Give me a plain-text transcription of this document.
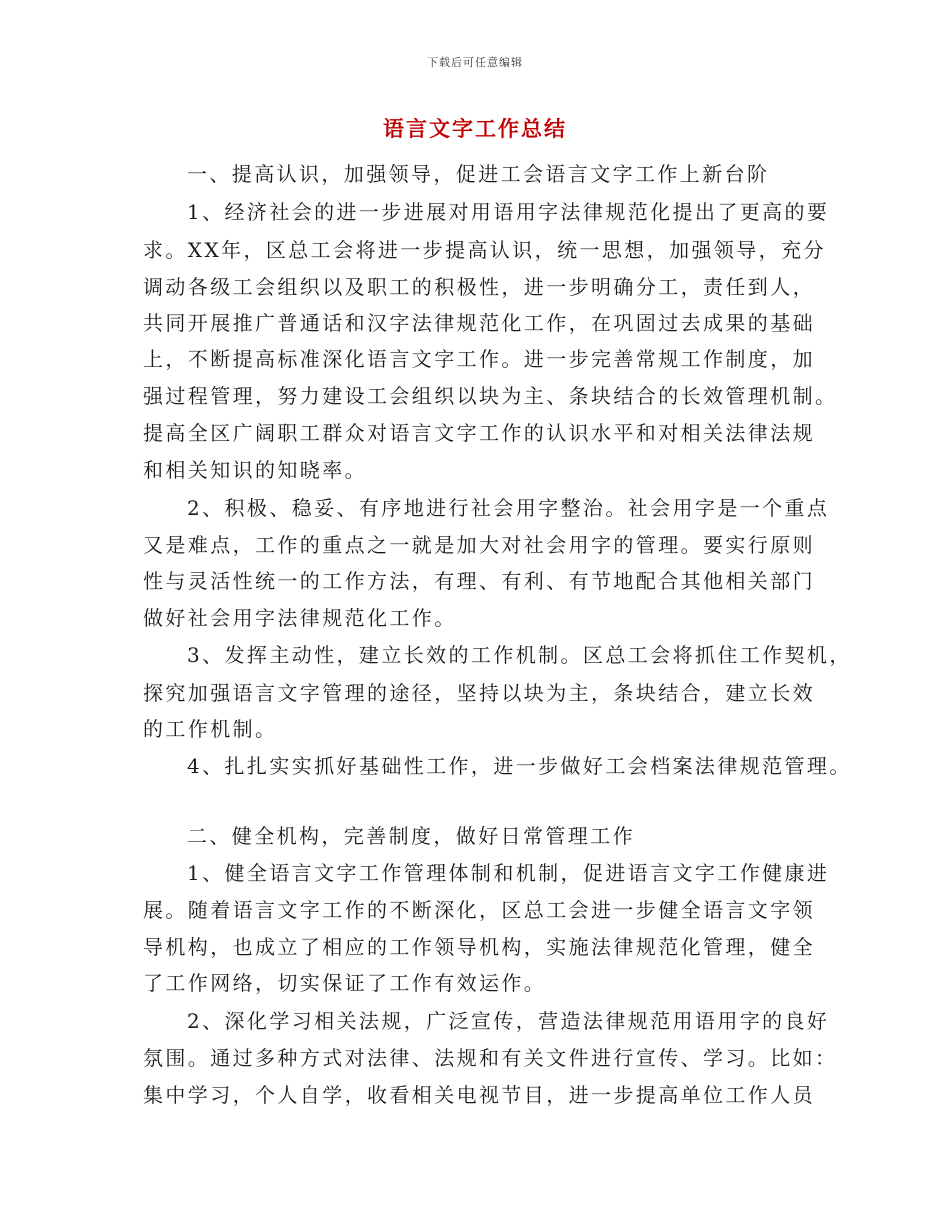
下载后可任意编辑
语言文字工作总结
一、提高认识，加强领导，促进工会语言文字工作上新台阶
1、经济社会的进一步进展对用语用字法律规范化提出了更高的要
求。XX年，区总工会将进一步提高认识，统一思想，加强领导，充分
调动各级工会组织以及职工的积极性，进一步明确分工，责任到人，
共同开展推广普通话和汉字法律规范化工作，在巩固过去成果的基础
上，不断提高标准深化语言文字工作。进一步完善常规工作制度，加
强过程管理，努力建设工会组织以块为主、条块结合的长效管理机制。
提高全区广阔职工群众对语言文字工作的认识水平和对相关法律法规
和相关知识的知晓率。
2、积极、稳妥、有序地进行社会用字整治。社会用字是一个重点
又是难点，工作的重点之一就是加大对社会用字的管理。要实行原则
性与灵活性统一的工作方法，有理、有利、有节地配合其他相关部门
做好社会用字法律规范化工作。
3、发挥主动性，建立长效的工作机制。区总工会将抓住工作契机，
探究加强语言文字管理的途径，坚持以块为主，条块结合，建立长效
的工作机制。
4、扎扎实实抓好基础性工作，进一步做好工会档案法律规范管理。
二、健全机构，完善制度，做好日常管理工作
1、健全语言文字工作管理体制和机制，促进语言文字工作健康进
展。随着语言文字工作的不断深化，区总工会进一步健全语言文字领
导机构，也成立了相应的工作领导机构，实施法律规范化管理，健全
了工作网络，切实保证了工作有效运作。
2、深化学习相关法规，广泛宣传，营造法律规范用语用字的良好
氛围。通过多种方式对法律、法规和有关文件进行宣传、学习。比如：
集中学习，个人自学，收看相关电视节目，进一步提高单位工作人员
